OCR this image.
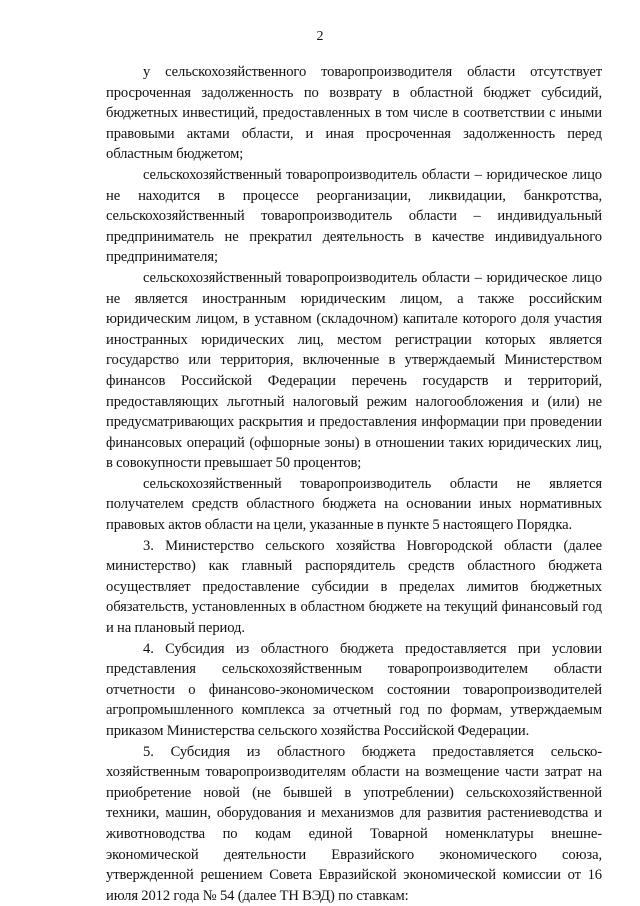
2

у сельскохозяйственного товаропроизводителя области отсутствует просроченная задолженность по возврату в областной бюджет субсидий, бюджетных инвестиций, предоставленных в том числе в соответствии с иными правовыми актами области, и иная просроченная задолженность перед областным бюджетом;

сельскохозяйственный товаропроизводитель области – юридическое лицо не находится в процессе реорганизации, ликвидации, банкротства, сельскохозяйственный товаропроизводитель области – индивидуальный предприниматель не прекратил деятельность в качестве индивидуального предпринимателя;

сельскохозяйственный товаропроизводитель области – юридическое лицо не является иностранным юридическим лицом, а также российским юридическим лицом, в уставном (складочном) капитале которого доля участия иностранных юридических лиц, местом регистрации которых является государство или территория, включенные в утверждаемый Министерством финансов Российской Федерации перечень государств и территорий, предоставляющих льготный налоговый режим налогообложения и (или) не предусматривающих раскрытия и предоставления информации при проведении финансовых операций (офшорные зоны) в отношении таких юридических лиц, в совокупности превышает 50 процентов;

сельскохозяйственный товаропроизводитель области не является получателем средств областного бюджета на основании иных нормативных правовых актов области на цели, указанные в пункте 5 настоящего Порядка.

3. Министерство сельского хозяйства Новгородской области (далее министерство) как главный распорядитель средств областного бюджета осуществляет предоставление субсидии в пределах лимитов бюджетных обязательств, установленных в областном бюджете на текущий финансовый год и на плановый период.

4. Субсидия из областного бюджета предоставляется при условии представления сельскохозяйственным товаропроизводителем области отчетности о финансово-экономическом состоянии товаропроизводителей агропромышленного комплекса за отчетный год по формам, утверждаемым приказом Министерства сельского хозяйства Российской Федерации.

5. Субсидия из областного бюджета предоставляется сельско-хозяйственным товаропроизводителям области на возмещение части затрат на приобретение новой (не бывшей в употреблении) сельскохозяйственной техники, машин, оборудования и механизмов для развития растениеводства и животноводства по кодам единой Товарной номенклатуры внешне-экономической деятельности Евразийского экономического союза, утвержденной решением Совета Евразийской экономической комиссии от 16 июля 2012 года № 54 (далее ТН ВЭД) по ставкам:
